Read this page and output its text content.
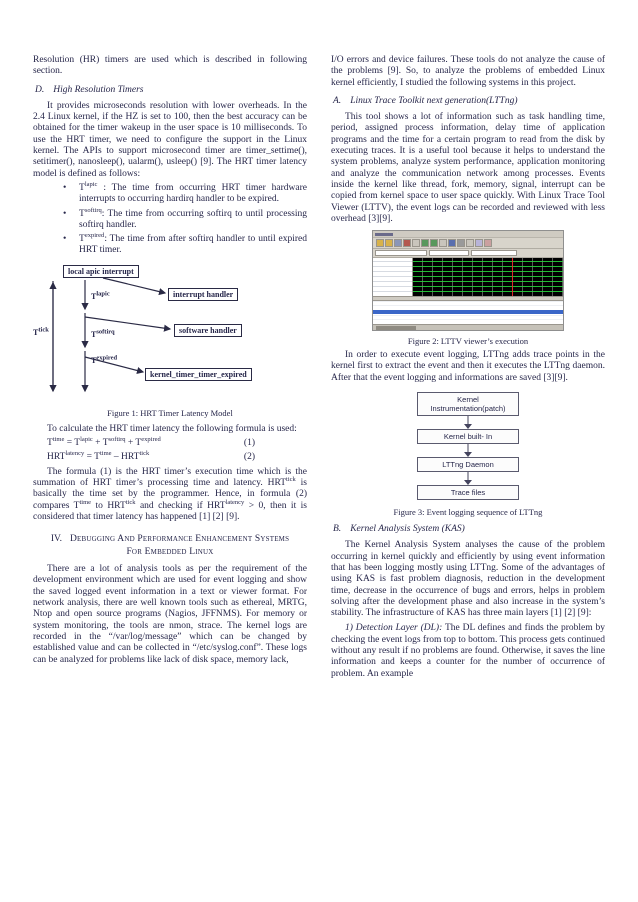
Resolution (HR) timers are used which is described in following section.

D. High Resolution Timers

It provides microseconds resolution with lower overheads. In the 2.4 Linux kernel, if the HZ is set to 100, then the best accuracy can be obtained for the timer wakeup in the user space is 10 milliseconds. To use the HRT timer, we need to configure the support in the Linux kernel. The APIs to support microsecond timer are timer_settime(), setitimer(), nanosleep(), ualarm(), usleep() [9]. The HRT timer latency model is defined as follows:

•	$T^{lapic}$ : The time from occurring HRT timer hardware interrupts to occurring hardirq handler to be expired.
•	$T^{softirq}$: The time from occurring softirq to until processing softirq handler.
•	$T^{expired}$: The time from after softirq handler to until expired HRT timer.
local apic interrupt
interrupt handler
software handler
kernel_timer_timer_expired
$T^{lapic}$
$T^{tick}$
$T^{softirq}$
$T^{expired}$
Figure 1: HRT Timer Latency Model

To calculate the HRT timer latency the following formula is used:

$T^{time} = T^{lapic} + T^{softirq} + T^{expired}$	(1)
$HRT^{latency} = T^{time} - HRT^{tick}$	(2)

The formula (1) is the HRT timer’s execution time which is the summation of HRT timer’s processing time and latency. $HRT^{tick}$ is basically the time set by the programmer. Hence, in formula (2) compares $T^{time}$ to $HRT^{tick}$ and checking if $HRT^{latency} > 0$, then it is considered that timer latency has happened [1] [2] [9].

IV. Debugging And Performance Enhancement Systems For Embedded Linux

There are a lot of analysis tools as per the requirement of the development environment which are used for event logging and show the saved logged event information in a text or viewer format. For network analysis, there are well known tools such as ethereal, MRTG, Ntop and open source programs (Nagios, JFFNMS). For memory or system monitoring, the tools are nmon, strace. The kernel logs are recorded in the “/var/log/message” which can be changed by established value and can be collected in “/etc/syslog.conf”. These logs can be analyzed for problems like lack of disk space, memory lack,

I/O errors and device failures. These tools do not analyze the cause of the problems [9]. So, to analyze the problems of embedded Linux kernel efficiently, I studied the following systems in this project.

A. Linux Trace Toolkit next generation(LTTng)

This tool shows a lot of information such as task handling time, period, assigned process information, delay time of application programs and the time for a certain program to read from the disk by executing traces. It is a useful tool because it helps to understand the system problems, analyze system performance, application monitoring and analyze the communication network among processes. Events inside the kernel like thread, fork, memory, signal, interrupt can be copied from kernel space to user space quickly. With Linux Trace Tool Viewer (LTTV), the event logs can be recorded and reviewed with less overhead [3][9].

Figure 2: LTTV viewer’s execution

In order to execute event logging, LTTng adds trace points in the kernel first to extract the event and then it executes the LTTng daemon. After that the event logging and informations are saved [3][9].

Kernel Instrumentation(patch)
Kernel built- In
LTTng Daemon
Trace files
Figure 3: Event logging sequence of LTTng

B. Kernel Analysis System (KAS)

The Kernel Analysis System analyses the cause of the problem occurring in kernel quickly and efficiently by using event information that has been logging mostly using LTTng. Some of the advantages of using KAS is fast problem diagnosis, reduction in the development time, decrease in the occurrence of bugs and errors, helps in problem solving after the development phase and also increase in the system’s stability. The infrastructure of KAS has three main layers [1] [2] [9]:

1) Detection Layer (DL): The DL defines and finds the problem by checking the event logs from top to bottom. This process gets continued without any result if no problems are found. Otherwise, it saves the line information and keeps a counter for the number of occurrence of problem. An example
